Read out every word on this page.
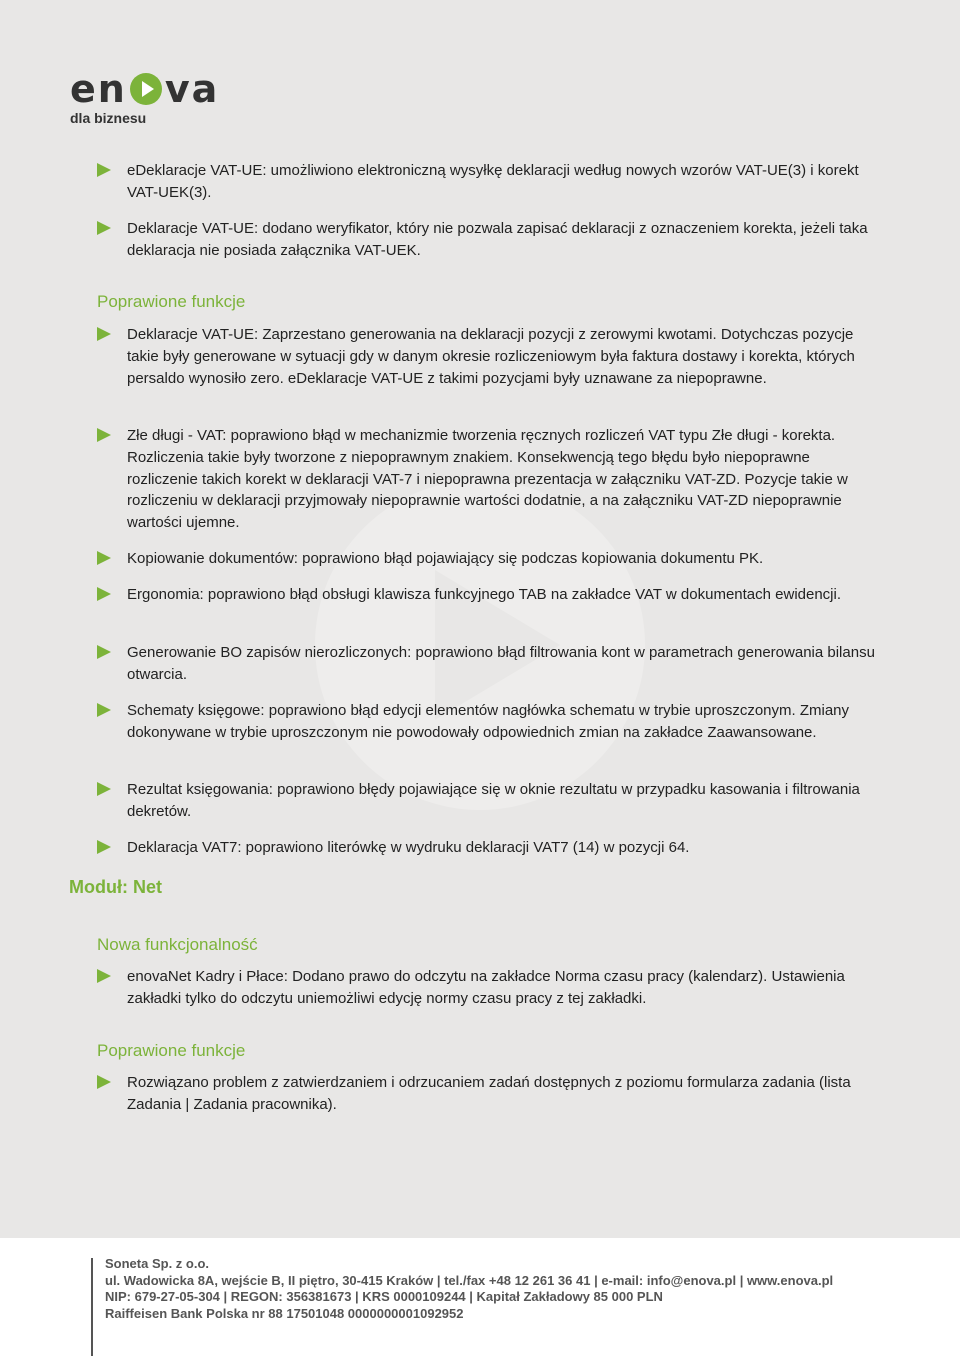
en va
dla biznesu
eDeklaracje VAT-UE: umożliwiono elektroniczną wysyłkę deklaracji według nowych wzorów VAT-UE(3) i korekt VAT-UEK(3).
Deklaracje VAT-UE: dodano weryfikator, który nie pozwala zapisać deklaracji z oznaczeniem korekta, jeżeli taka deklaracja nie posiada załącznika VAT-UEK.
Poprawione funkcje
Deklaracje VAT-UE: Zaprzestano generowania na deklaracji pozycji z zerowymi kwotami. Dotychczas pozycje takie były generowane w sytuacji gdy w danym okresie rozliczeniowym była faktura dostawy i korekta, których persaldo wynosiło zero. eDeklaracje VAT-UE z takimi pozycjami były uznawane za niepoprawne.
Złe długi - VAT: poprawiono błąd w mechanizmie tworzenia ręcznych rozliczeń VAT typu Złe długi - korekta. Rozliczenia takie były tworzone z niepoprawnym znakiem. Konsekwencją tego błędu było niepoprawne rozliczenie takich korekt w deklaracji VAT-7 i niepoprawna prezentacja w załączniku VAT-ZD. Pozycje takie w rozliczeniu w deklaracji przyjmowały niepoprawnie wartości dodatnie, a na załączniku VAT-ZD niepoprawnie wartości ujemne.
Kopiowanie dokumentów: poprawiono błąd pojawiający się podczas kopiowania dokumentu PK.
Ergonomia: poprawiono błąd obsługi klawisza funkcyjnego TAB na zakładce VAT w dokumentach ewidencji.
Generowanie BO zapisów nierozliczonych: poprawiono błąd filtrowania kont w parametrach generowania bilansu otwarcia.
Schematy księgowe: poprawiono błąd edycji elementów nagłówka schematu w trybie uproszczonym. Zmiany dokonywane w trybie uproszczonym nie powodowały odpowiednich zmian na zakładce Zaawansowane.
Rezultat księgowania: poprawiono błędy pojawiające się w oknie rezultatu w przypadku kasowania i filtrowania dekretów.
Deklaracja VAT7: poprawiono literówkę w wydruku deklaracji VAT7 (14) w pozycji 64.
Moduł: Net
Nowa funkcjonalność
enovaNet Kadry i Płace: Dodano prawo do odczytu na zakładce Norma czasu pracy (kalendarz). Ustawienia zakładki tylko do odczytu uniemożliwi edycję normy czasu pracy z tej zakładki.
Poprawione funkcje
Rozwiązano problem z zatwierdzaniem i odrzucaniem zadań dostępnych z poziomu formularza zadania (lista Zadania | Zadania pracownika).
Soneta Sp. z o.o.
ul. Wadowicka 8A, wejście B, II piętro, 30-415 Kraków | tel./fax +48 12 261 36 41 | e-mail: info@enova.pl | www.enova.pl
NIP: 679-27-05-304 | REGON: 356381673 | KRS 0000109244 | Kapitał Zakładowy 85 000 PLN
Raiffeisen Bank Polska nr 88 17501048 0000000001092952
